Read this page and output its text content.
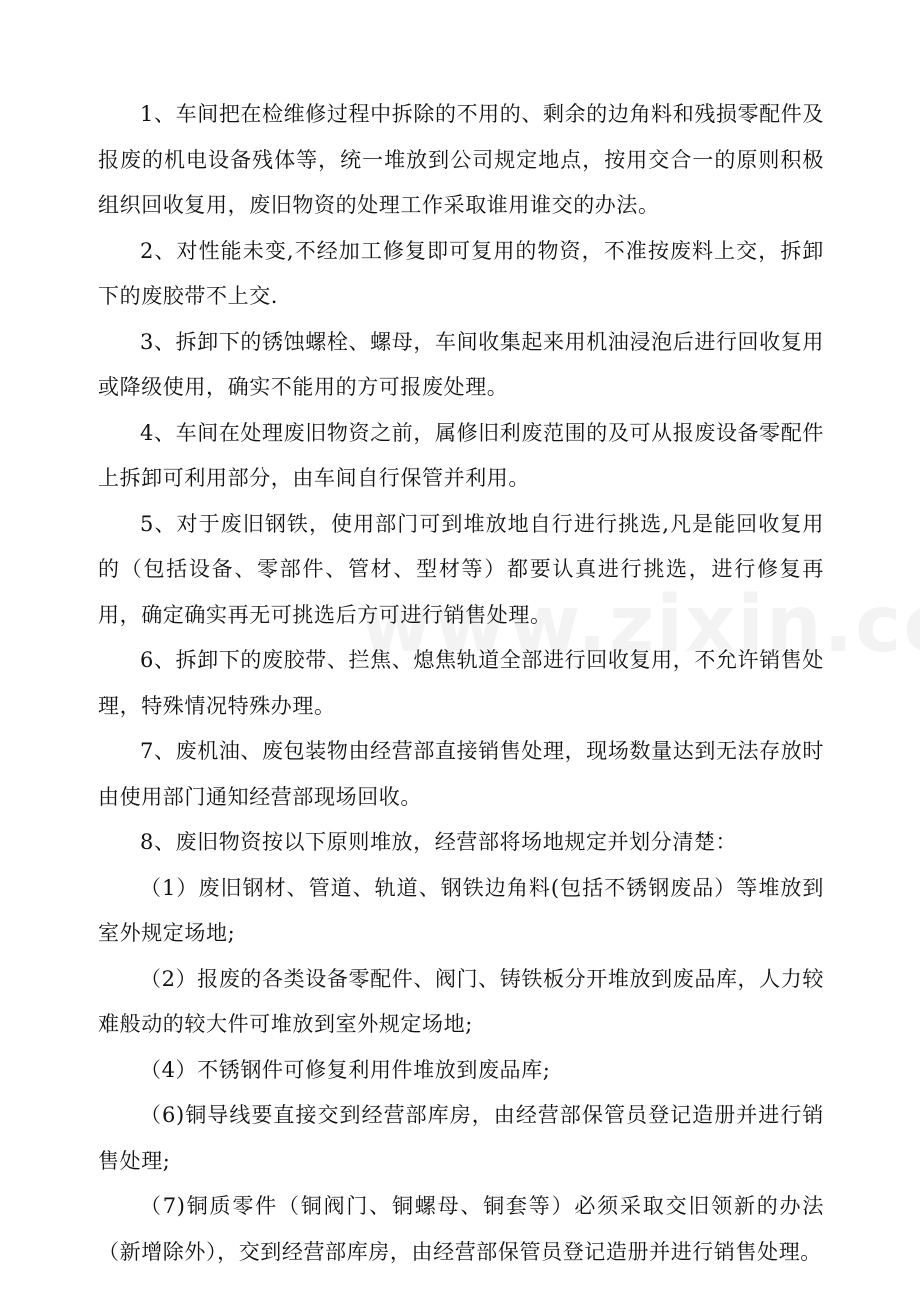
1、车间把在检维修过程中拆除的不用的、剩余的边角料和残损零配件及报废的机电设备残体等，统一堆放到公司规定地点，按用交合一的原则积极组织回收复用，废旧物资的处理工作采取谁用谁交的办法。

2、对性能未变,不经加工修复即可复用的物资，不准按废料上交，拆卸下的废胶带不上交.

3、拆卸下的锈蚀螺栓、螺母，车间收集起来用机油浸泡后进行回收复用或降级使用，确实不能用的方可报废处理。

4、车间在处理废旧物资之前，属修旧利废范围的及可从报废设备零配件上拆卸可利用部分，由车间自行保管并利用。

5、对于废旧钢铁，使用部门可到堆放地自行进行挑选,凡是能回收复用的（包括设备、零部件、管材、型材等）都要认真进行挑选，进行修复再用，确定确实再无可挑选后方可进行销售处理。

6、拆卸下的废胶带、拦焦、熄焦轨道全部进行回收复用，不允许销售处理，特殊情况特殊办理。

7、废机油、废包装物由经营部直接销售处理，现场数量达到无法存放时由使用部门通知经营部现场回收。

8、废旧物资按以下原则堆放，经营部将场地规定并划分清楚：

（1）废旧钢材、管道、轨道、钢铁边角料(包括不锈钢废品）等堆放到室外规定场地;

（2）报废的各类设备零配件、阀门、铸铁板分开堆放到废品库，人力较难般动的较大件可堆放到室外规定场地;

（4）不锈钢件可修复利用件堆放到废品库;

（6)铜导线要直接交到经营部库房，由经营部保管员登记造册并进行销售处理;

（7)铜质零件（铜阀门、铜螺母、铜套等）必须采取交旧领新的办法（新增除外），交到经营部库房，由经营部保管员登记造册并进行销售处理。
